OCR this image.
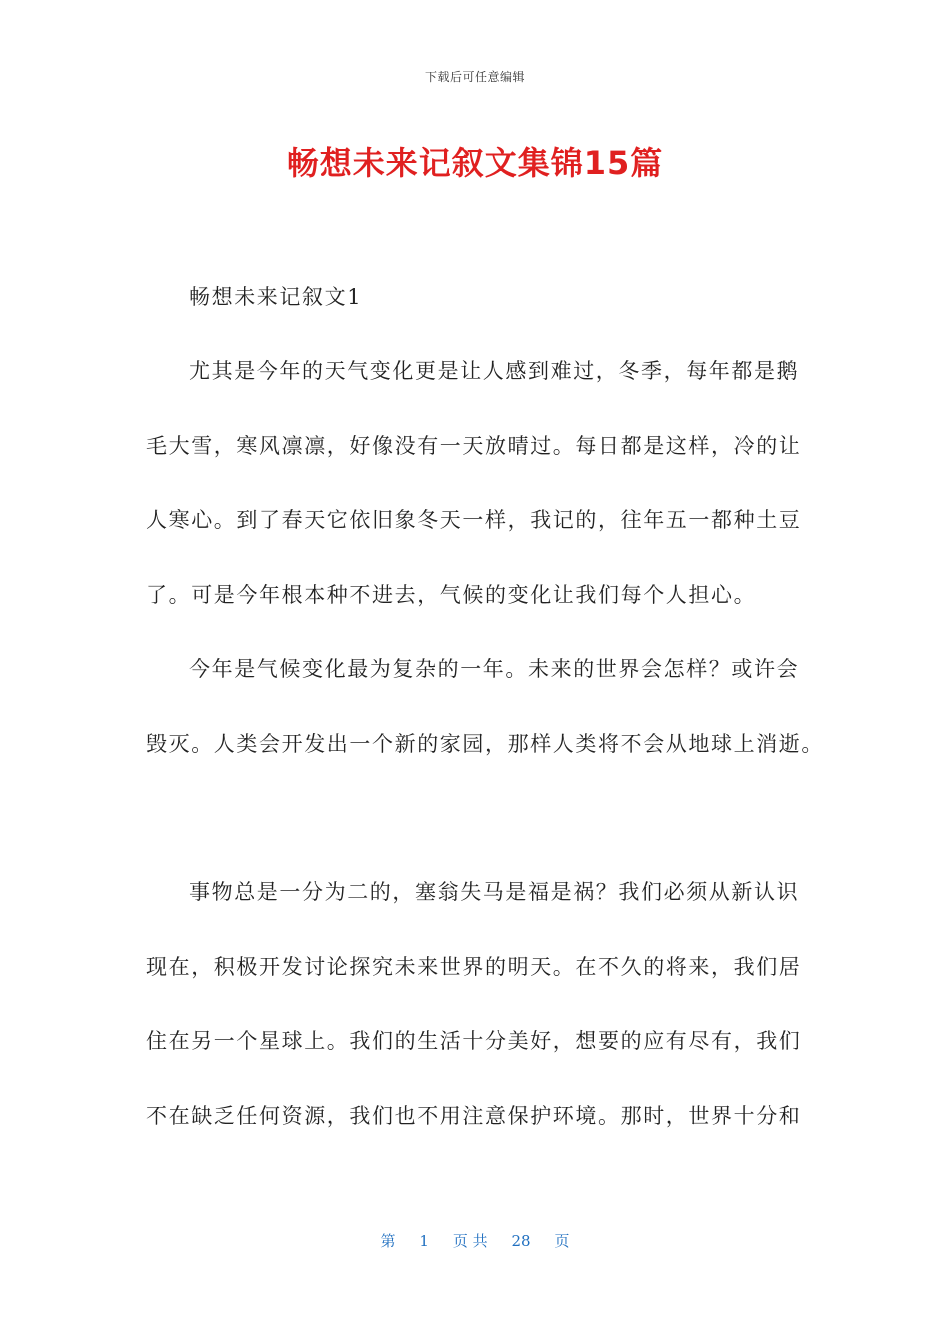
下载后可任意编辑
畅想未来记叙文集锦15篇
畅想未来记叙文1
尤其是今年的天气变化更是让人感到难过，冬季，每年都是鹅
毛大雪，寒风凛凛，好像没有一天放晴过。每日都是这样，冷的让
人寒心。到了春天它依旧象冬天一样，我记的，往年五一都种土豆
了。可是今年根本种不进去，气候的变化让我们每个人担心。
今年是气候变化最为复杂的一年。未来的世界会怎样？或许会
毁灭。人类会开发出一个新的家园，那样人类将不会从地球上消逝。
事物总是一分为二的，塞翁失马是福是祸？我们必须从新认识
现在，积极开发讨论探究未来世界的明天。在不久的将来，我们居
住在另一个星球上。我们的生活十分美好，想要的应有尽有，我们
不在缺乏任何资源，我们也不用注意保护环境。那时，世界十分和
第 1 页 共 28 页
